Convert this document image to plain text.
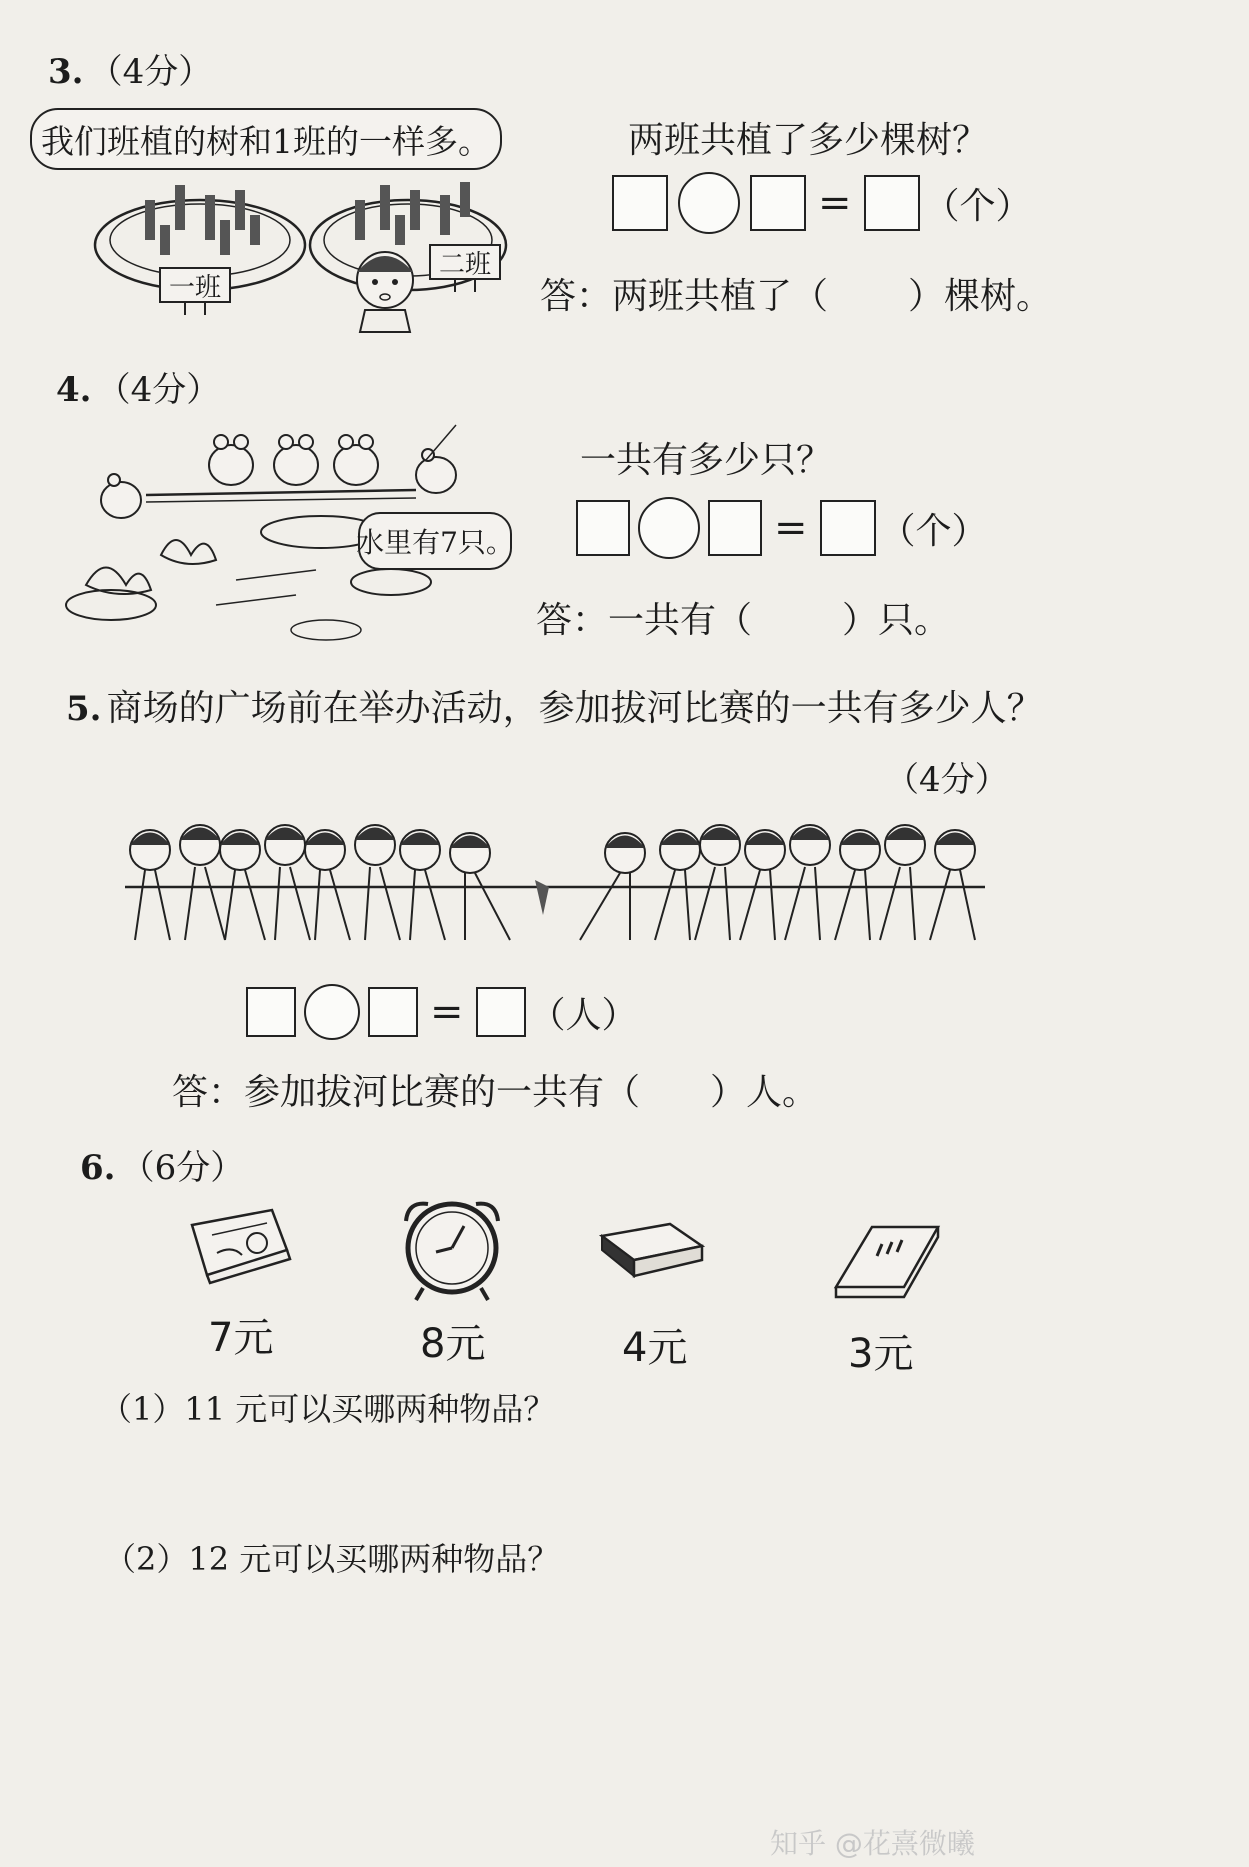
3. （4分）
我们班植的树和1班的一样多。
一班
二班
两班共植了多少棵树？
= （个）
答：两班共植了（ ）棵树。
4. （4分）
水里有7只。
一共有多少只？
= （个）
答：一共有（	）只。
5. 商场的广场前在举办活动，参加拔河比赛的一共有多少人？
（4分）
= （人）
答：参加拔河比赛的一共有（ ）人。
6. （6分）
7元	8元	4元	3元
（1）11 元可以买哪两种物品？
（2）12 元可以买哪两种物品？
知乎 @花熹微曦
